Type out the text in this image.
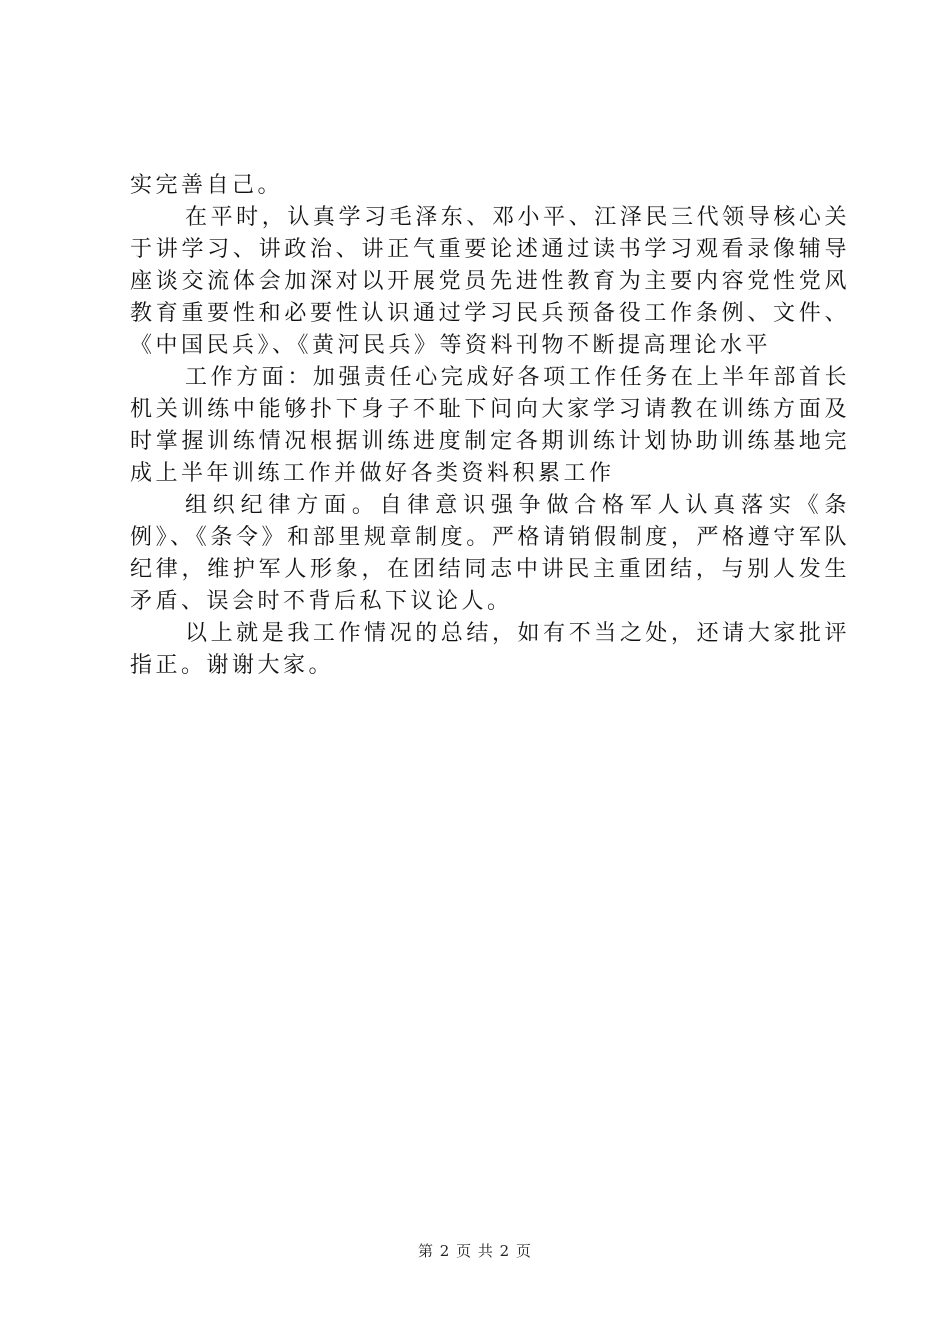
实完善自己。

在平时，认真学习毛泽东、邓小平、江泽民三代领导核心关于讲学习、讲政治、讲正气重要论述通过读书学习观看录像辅导座谈交流体会加深对以开展党员先进性教育为主要内容党性党风教育重要性和必要性认识通过学习民兵预备役工作条例、文件、《中国民兵》、《黄河民兵》等资料刊物不断提高理论水平

工作方面：加强责任心完成好各项工作任务在上半年部首长机关训练中能够扑下身子不耻下问向大家学习请教在训练方面及时掌握训练情况根据训练进度制定各期训练计划协助训练基地完成上半年训练工作并做好各类资料积累工作

组织纪律方面。自律意识强争做合格军人认真落实《条例》、《条令》和部里规章制度。严格请销假制度，严格遵守军队纪律，维护军人形象，在团结同志中讲民主重团结，与别人发生矛盾、误会时不背后私下议论人。

以上就是我工作情况的总结，如有不当之处，还请大家批评指正。谢谢大家。

第 2 页 共 2 页
